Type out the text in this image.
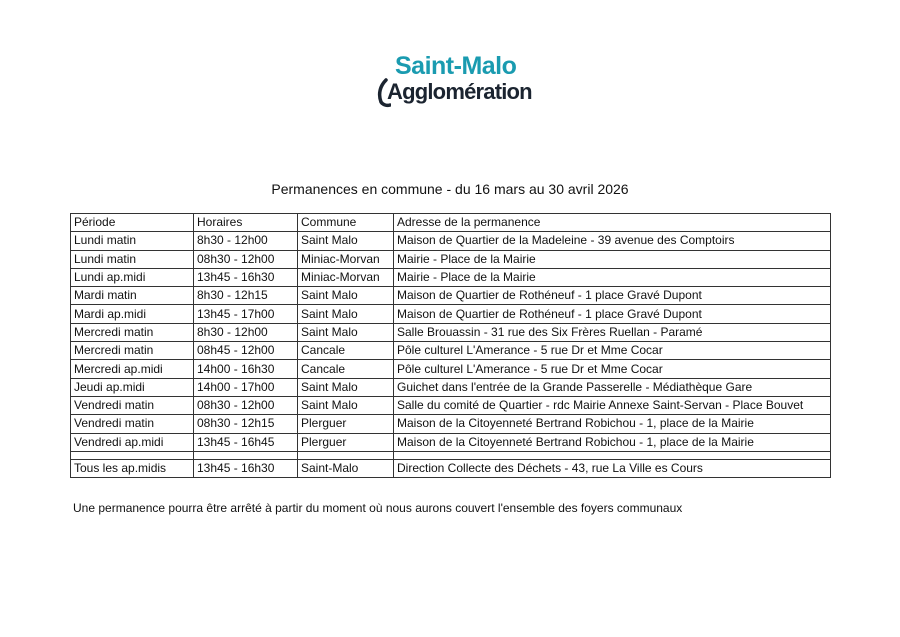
Saint-Malo
Agglomération
Permanences en commune - du 16 mars au 30 avril 2026
Période	Horaires	Commune	Adresse de la permanence
Lundi matin	8h30 - 12h00	Saint Malo	Maison de Quartier de la Madeleine - 39 avenue des Comptoirs
Lundi matin	08h30 - 12h00	Miniac-Morvan	Mairie - Place de la Mairie
Lundi ap.midi	13h45 - 16h30	Miniac-Morvan	Mairie - Place de la Mairie
Mardi matin	8h30 - 12h15	Saint Malo	Maison de Quartier de Rothéneuf - 1 place Gravé Dupont
Mardi ap.midi	13h45 - 17h00	Saint Malo	Maison de Quartier de Rothéneuf - 1 place Gravé Dupont
Mercredi matin	8h30 - 12h00	Saint Malo	Salle Brouassin - 31 rue des Six Frères Ruellan - Paramé
Mercredi matin	08h45 - 12h00	Cancale	Pôle culturel L'Amerance - 5 rue Dr et Mme Cocar
Mercredi ap.midi	14h00 - 16h30	Cancale	Pôle culturel L'Amerance - 5 rue Dr et Mme Cocar
Jeudi ap.midi	14h00 - 17h00	Saint Malo	Guichet dans l'entrée de la Grande Passerelle - Médiathèque Gare
Vendredi matin	08h30 - 12h00	Saint Malo	Salle du comité de Quartier - rdc Mairie Annexe Saint-Servan - Place Bouvet
Vendredi matin	08h30 - 12h15	Plerguer	Maison de la Citoyenneté Bertrand Robichou - 1, place de la Mairie
Vendredi ap.midi	13h45 - 16h45	Plerguer	Maison de la Citoyenneté Bertrand Robichou - 1, place de la Mairie

Tous les ap.midis	13h45 - 16h30	Saint-Malo	Direction Collecte des Déchets - 43, rue La Ville es Cours
Une permanence pourra être arrêté à partir du moment où nous aurons couvert l'ensemble des foyers communaux
